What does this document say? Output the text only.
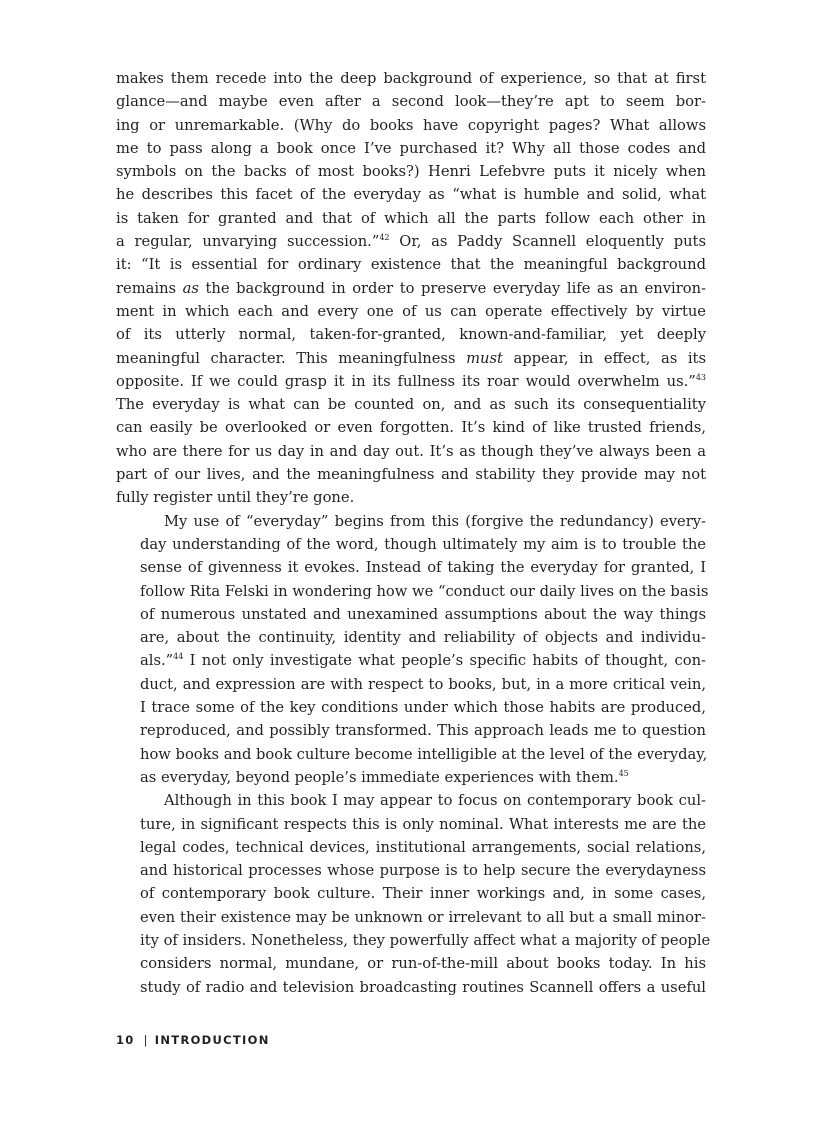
makes them recede into the deep background of experience, so that at first
glance—and maybe even after a second look—they’re apt to seem bor-
ing or unremarkable. (Why do books have copyright pages? What allows
me to pass along a book once I’ve purchased it? Why all those codes and
symbols on the backs of most books?) Henri Lefebvre puts it nicely when
he describes this facet of the everyday as “what is humble and solid, what
is taken for granted and that of which all the parts follow each other in
a regular, unvarying succession.”$^{42}$ Or, as Paddy Scannell eloquently puts
it: “It is essential for ordinary existence that the meaningful background
remains as the background in order to preserve everyday life as an environ-
ment in which each and every one of us can operate effectively by virtue
of its utterly normal, taken-for-granted, known-and-familiar, yet deeply
meaningful character. This meaningfulness must appear, in effect, as its
opposite. If we could grasp it in its fullness its roar would overwhelm us.”$^{43}$
The everyday is what can be counted on, and as such its consequentiality
can easily be overlooked or even forgotten. It’s kind of like trusted friends,
who are there for us day in and day out. It’s as though they’ve always been a
part of our lives, and the meaningfulness and stability they provide may not
fully register until they’re gone.

My use of “everyday” begins from this (forgive the redundancy) every-
day understanding of the word, though ultimately my aim is to trouble the
sense of givenness it evokes. Instead of taking the everyday for granted, I
follow Rita Felski in wondering how we “conduct our daily lives on the basis
of numerous unstated and unexamined assumptions about the way things
are, about the continuity, identity and reliability of objects and individu-
als.”$^{44}$ I not only investigate what people’s specific habits of thought, con-
duct, and expression are with respect to books, but, in a more critical vein,
I trace some of the key conditions under which those habits are produced,
reproduced, and possibly transformed. This approach leads me to question
how books and book culture become intelligible at the level of the everyday,
as everyday, beyond people’s immediate experiences with them.$^{45}$

Although in this book I may appear to focus on contemporary book cul-
ture, in significant respects this is only nominal. What interests me are the
legal codes, technical devices, institutional arrangements, social relations,
and historical processes whose purpose is to help secure the everydayness
of contemporary book culture. Their inner workings and, in some cases,
even their existence may be unknown or irrelevant to all but a small minor-
ity of insiders. Nonetheless, they powerfully affect what a majority of people
considers normal, mundane, or run-of-the-mill about books today. In his
study of radio and television broadcasting routines Scannell offers a useful

10 | INTRODUCTION
